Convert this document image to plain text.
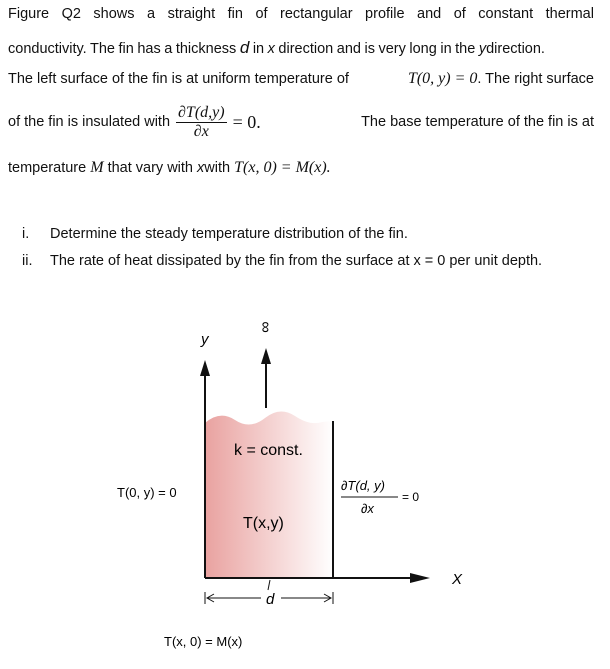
Figure Q2 shows a straight fin of rectangular profile and of constant thermal
conductivity. The fin has a thickness d in x direction and is very long in the ydirection.
The left surface of the fin is at uniform temperature of	T(0, y) = 0. The right surface
of the fin is insulated with $\frac{\partial T(d,y)}{\partial x} = 0$.	The base temperature of the fin is at
temperature M that vary with xwith T(x, 0) = M(x).
i. Determine the steady temperature distribution of the fin.
ii. The rate of heat dissipated by the fin from the surface at x = 0 per unit depth.
y
X
∞
k = const.
T(x,y)
T(0, y) = 0	∂T(d, y)
∂x
= 0
d
T(x, 0) = M(x)
